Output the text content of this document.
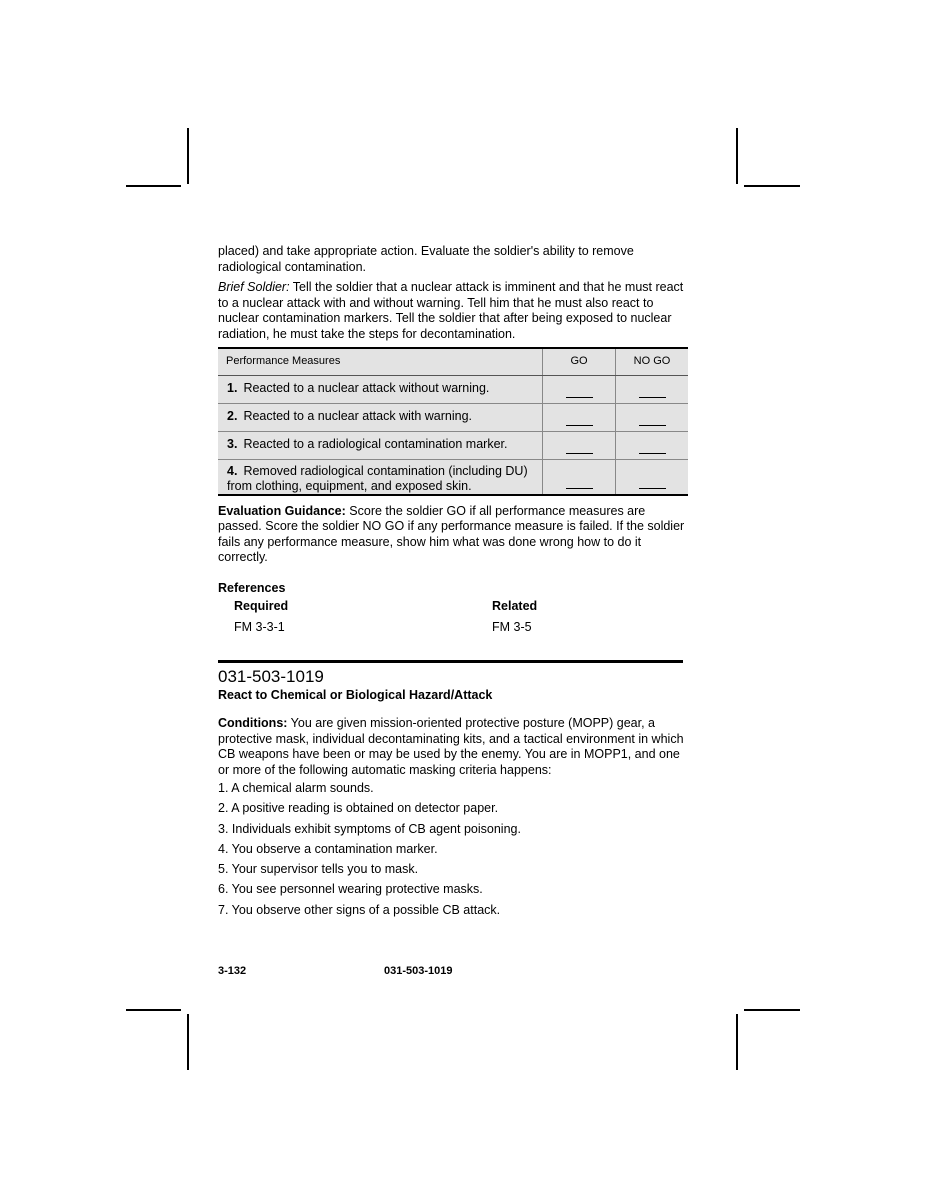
placed) and take appropriate action. Evaluate the soldier's ability to remove radiological contamination.

Brief Soldier: Tell the soldier that a nuclear attack is imminent and that he must react to a nuclear attack with and without warning. Tell him that he must also react to nuclear contamination markers. Tell the soldier that after being exposed to nuclear radiation, he must take the steps for decontamination.

Performance Measures	GO	NO GO
1. Reacted to a nuclear attack without warning.	

2. Reacted to a nuclear attack with warning.	

3. Reacted to a radiological contamination marker.	

4. Removed radiological contamination (including DU) from clothing, equipment, and exposed skin.	

Evaluation Guidance: Score the soldier GO if all performance measures are passed. Score the soldier NO GO if any performance measure is failed. If the soldier fails any performance measure, show him what was done wrong how to do it correctly.

References

Required
FM 3-3-1
Related
FM 3-5
031-503-1019
React to Chemical or Biological Hazard/Attack

Conditions: You are given mission-oriented protective posture (MOPP) gear, a protective mask, individual decontaminating kits, and a tactical environment in which CB weapons have been or may be used by the enemy. You are in MOPP1, and one or more of the following automatic masking criteria happens:

1. A chemical alarm sounds.
2. A positive reading is obtained on detector paper.
3. Individuals exhibit symptoms of CB agent poisoning.
4. You observe a contamination marker.
5. Your supervisor tells you to mask.
6. You see personnel wearing protective masks.
7. You observe other signs of a possible CB attack.
3-132	031-503-1019
